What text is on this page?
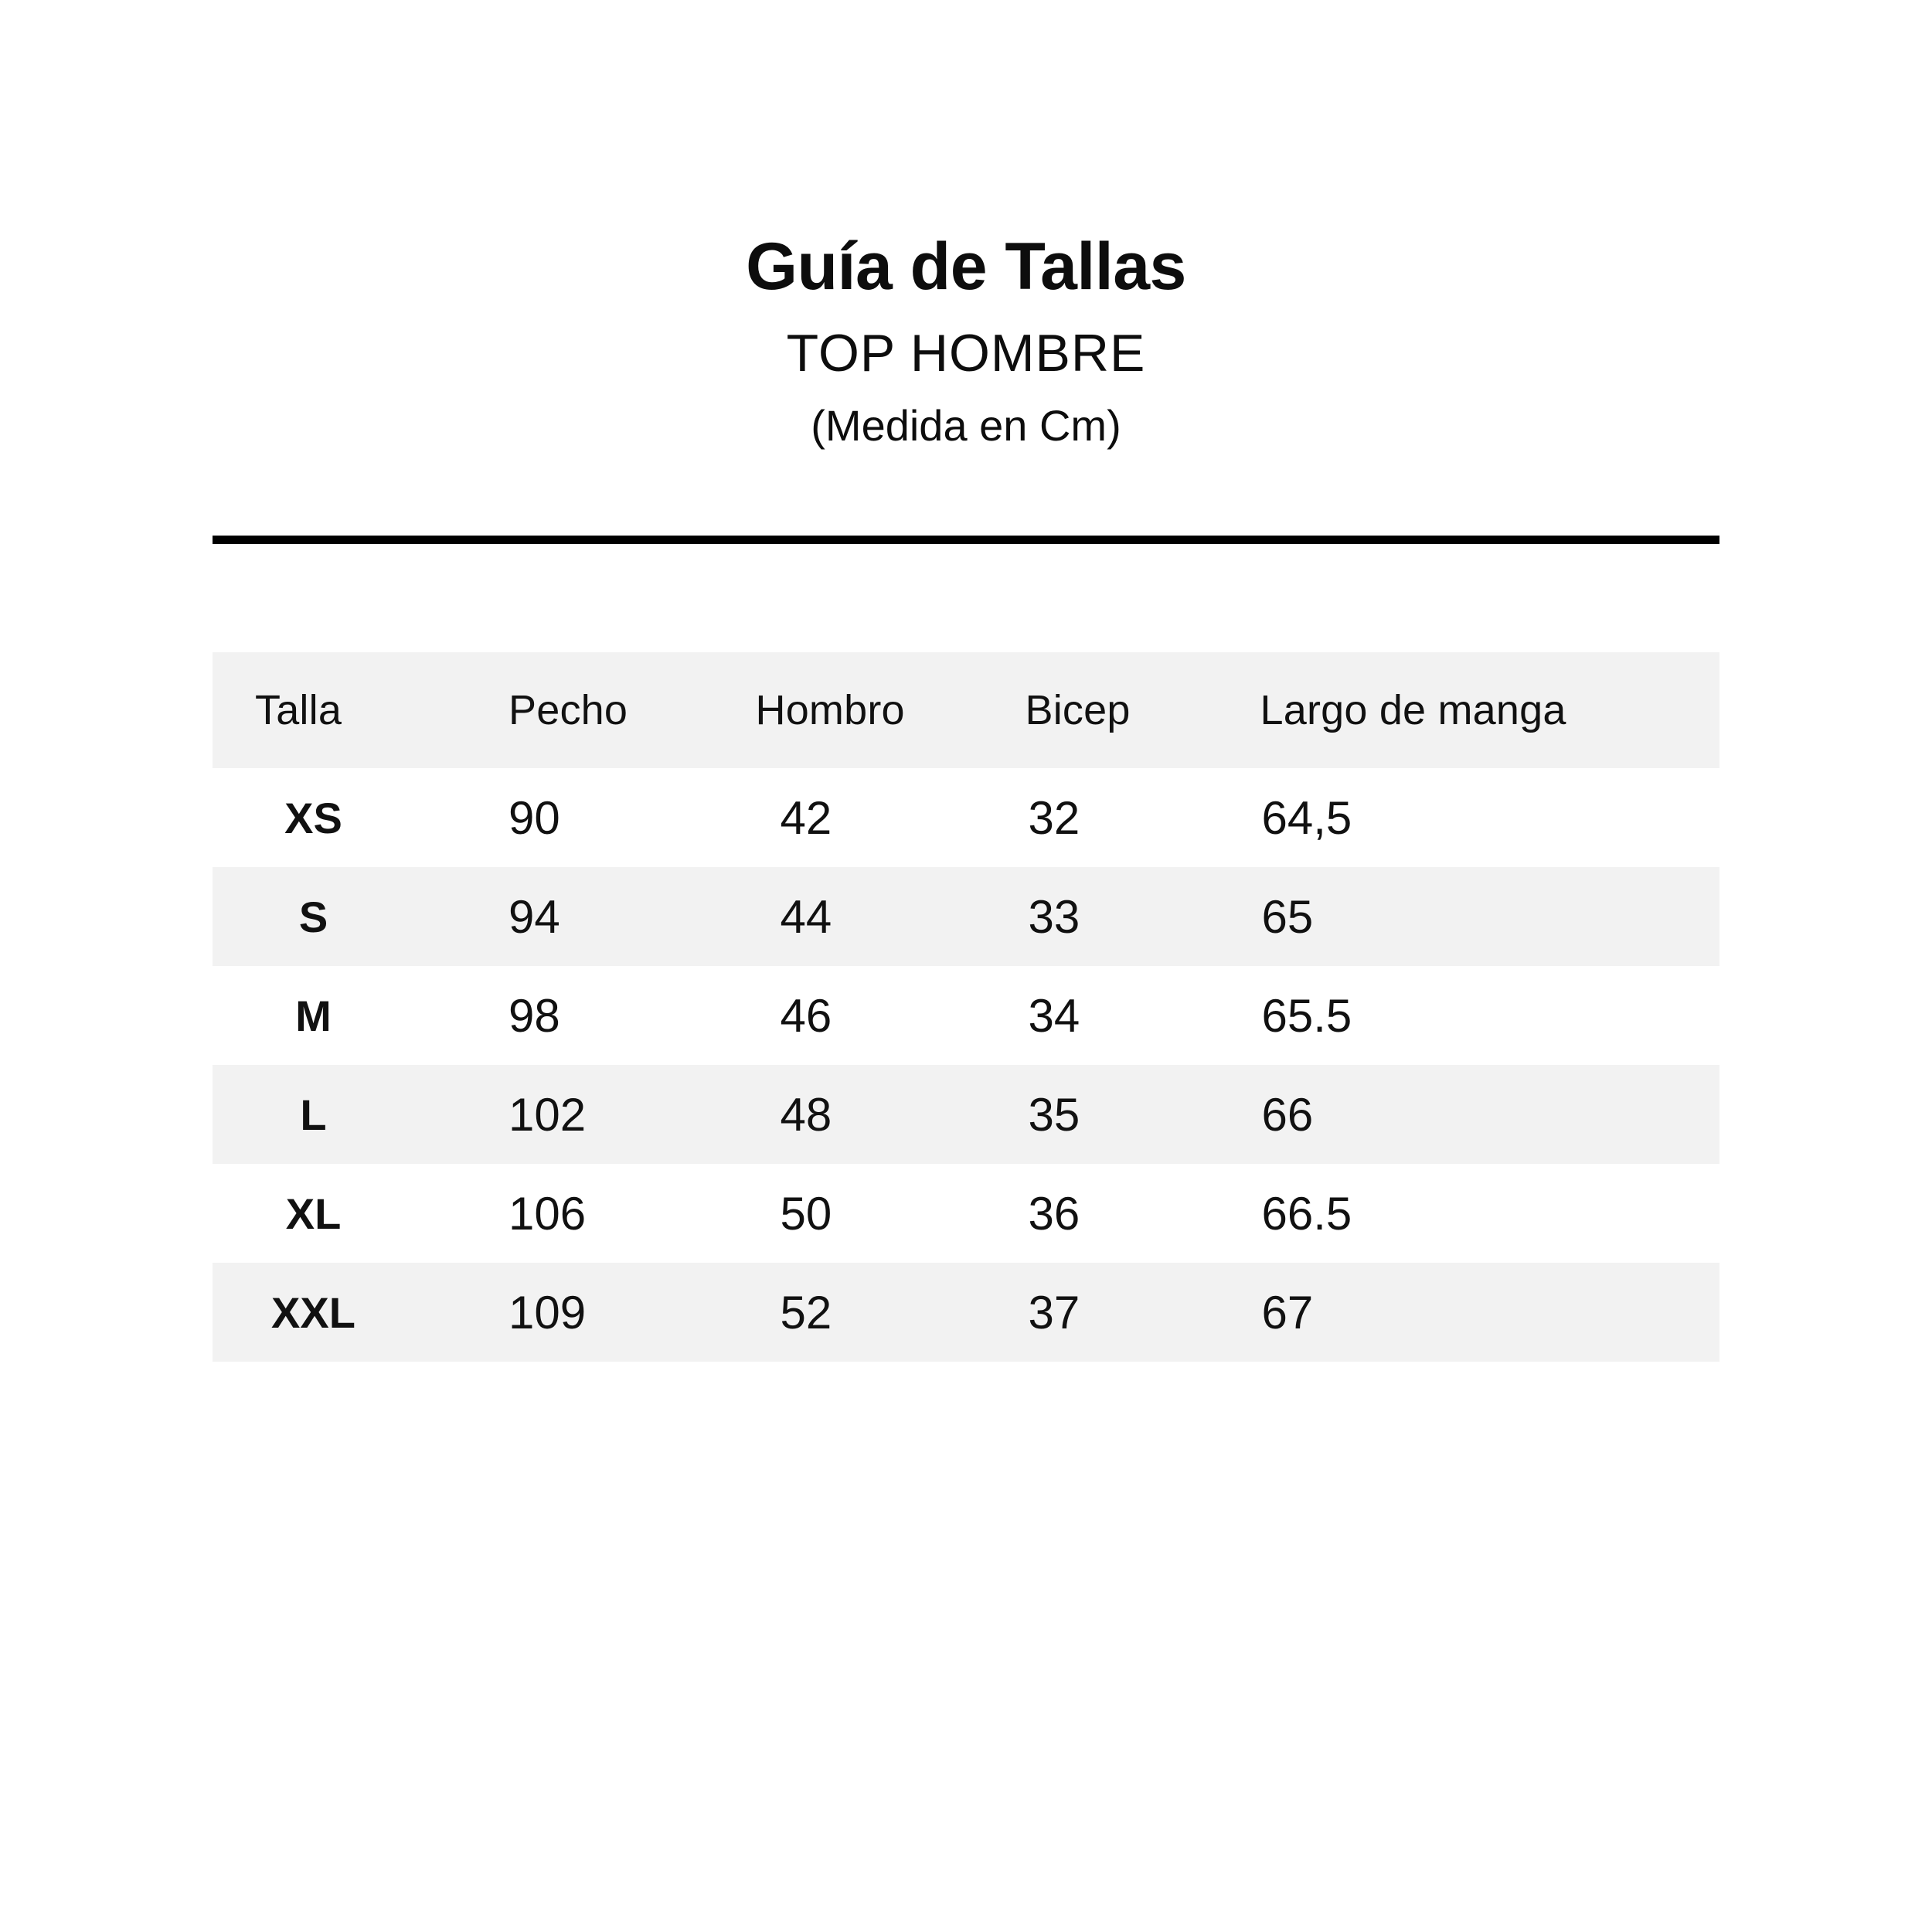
Guía de Tallas

TOP HOMBRE

(Medida en Cm)

Talla	Pecho	Hombro	Bicep	Largo de manga
XS	90	42	32	64,5
S	94	44	33	65
M	98	46	34	65.5
L	102	48	35	66
XL	106	50	36	66.5
XXL	109	52	37	67
